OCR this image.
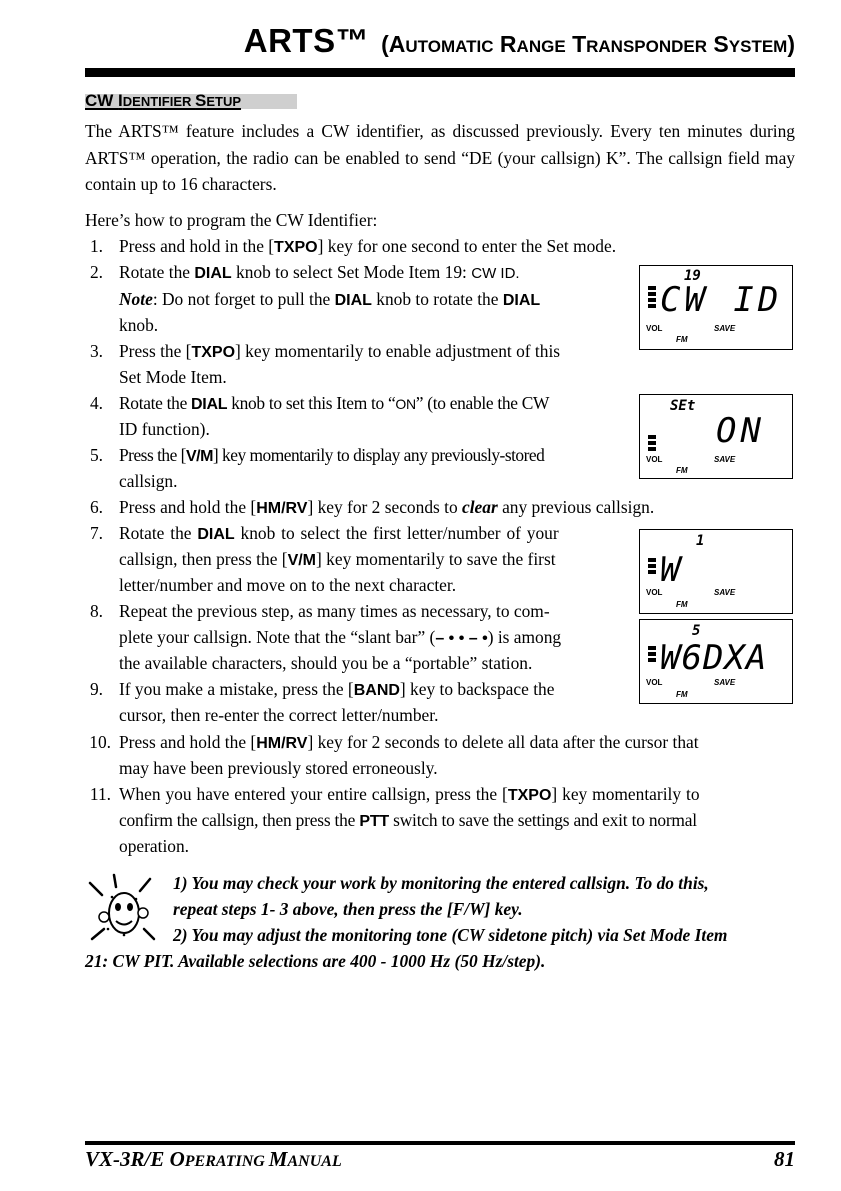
ARTS™ (AUTOMATIC RANGE TRANSPONDER SYSTEM)
CW IDENTIFIER SETUP
The ARTS™ feature includes a CW identifier, as discussed previously. Every ten minutes during ARTS™ operation, the radio can be enabled to send “DE (your callsign) K”. The callsign field may contain up to 16 characters.
Here’s how to program the CW Identifier:
1. Press and hold in the [TXPO] key for one second to enter the Set mode.
2. Rotate the DIAL knob to select Set Mode Item 19: CW ID.
Note: Do not forget to pull the DIAL knob to rotate the DIAL
knob.
3. Press the [TXPO] key momentarily to enable adjustment of this
Set Mode Item.
4. Rotate the DIAL knob to set this Item to “ON” (to enable the CW
ID function).
5. Press the [V/M] key momentarily to display any previously-stored
callsign.
6. Press and hold the [HM/RV] key for 2 seconds to clear any previous callsign.
7. Rotate the DIAL knob to select the first letter/number of your
callsign, then press the [V/M] key momentarily to save the first
letter/number and move on to the next character.
8. Repeat the previous step, as many times as necessary, to com-
plete your callsign. Note that the “slant bar” (– • • – •) is among
the available characters, should you be a “portable” station.
9. If you make a mistake, press the [BAND] key to backspace the
cursor, then re-enter the correct letter/number.
10. Press and hold the [HM/RV] key for 2 seconds to delete all data after the cursor that
may have been previously stored erroneously.
11. When you have entered your entire callsign, press the [TXPO] key momentarily to
confirm the callsign, then press the PTT switch to save the settings and exit to normal
operation.
19
CW ID
VOL	SAVE
FM
SEt
ON
VOL	SAVE
FM
1
W
VOL	SAVE
FM
5
W6DXA
VOL	SAVE
FM
1) You may check your work by monitoring the entered callsign. To do this,
repeat steps 1- 3 above, then press the [F/W] key.
2) You may adjust the monitoring tone (CW sidetone pitch) via Set Mode Item
21: CW PIT. Available selections are 400 - 1000 Hz (50 Hz/step).
VX-3R/E OPERATING MANUAL	81
